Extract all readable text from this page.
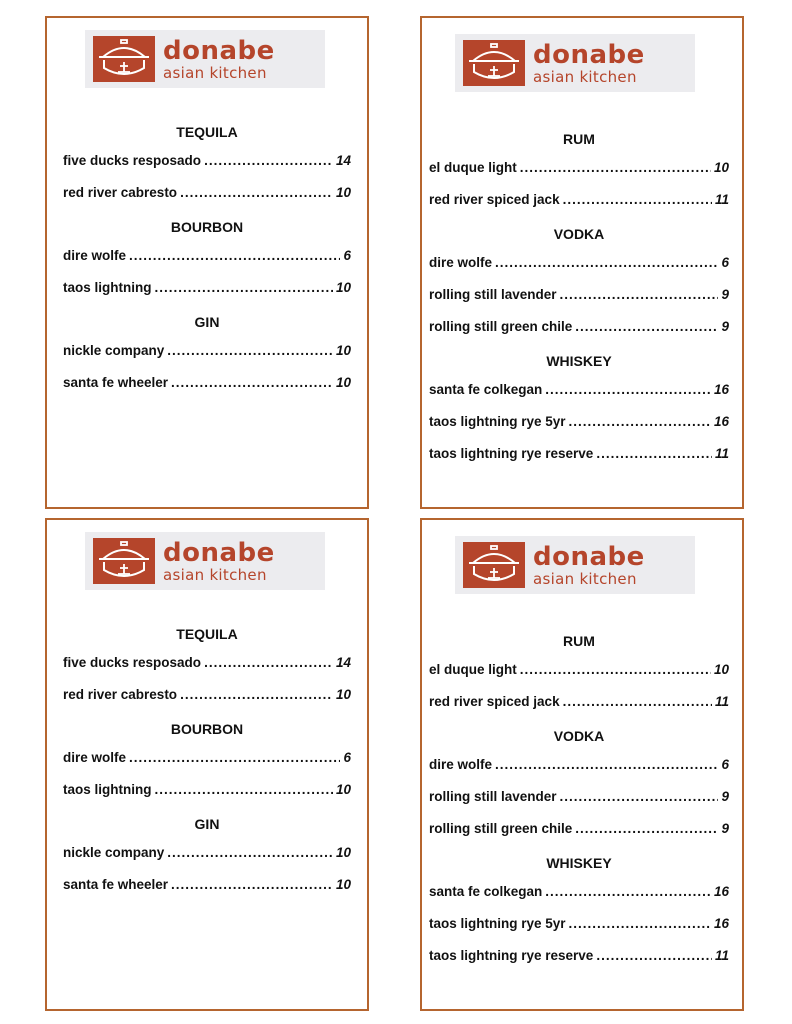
donabe
asian kitchen
TEQUILA
five ducks resposado .....	14
red river cabresto .....	10
BOURBON
dire wolfe .....	6
taos lightning .....	10
GIN
nickle company .....	10
santa fe wheeler .....	10
donabe
asian kitchen
RUM
el duque light .....	10
red river spiced jack .....	11
VODKA
dire wolfe .....	6
rolling still lavender .....	9
rolling still green chile .....	9
WHISKEY
santa fe colkegan .....	16
taos lightning rye 5yr .....	16
taos lightning rye reserve .....	11
donabe
asian kitchen
TEQUILA
five ducks resposado .....	14
red river cabresto .....	10
BOURBON
dire wolfe .....	6
taos lightning .....	10
GIN
nickle company .....	10
santa fe wheeler .....	10
donabe
asian kitchen
RUM
el duque light .....	10
red river spiced jack .....	11
VODKA
dire wolfe .....	6
rolling still lavender .....	9
rolling still green chile .....	9
WHISKEY
santa fe colkegan .....	16
taos lightning rye 5yr .....	16
taos lightning rye reserve .....	11
